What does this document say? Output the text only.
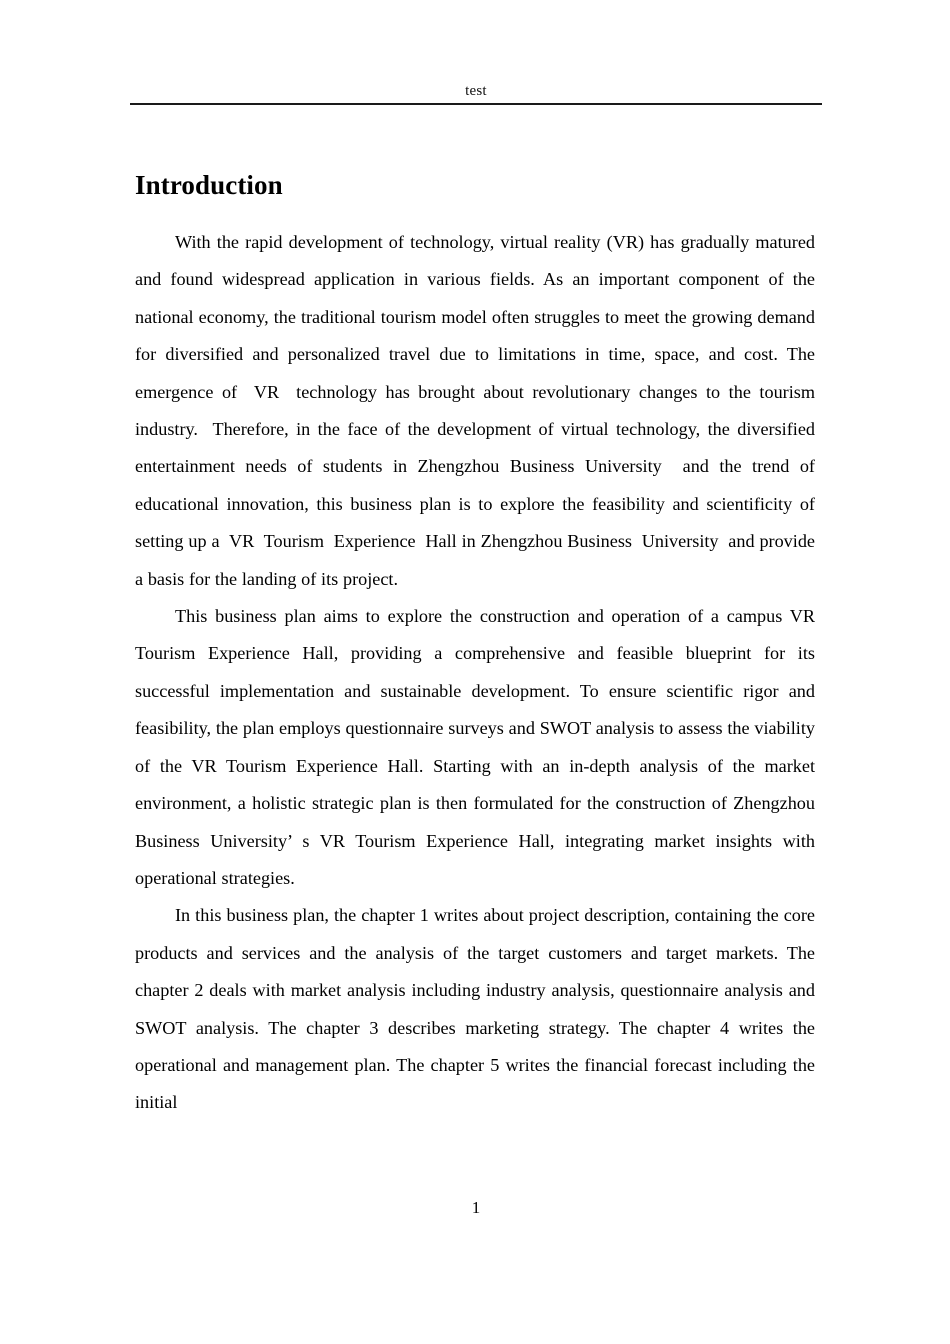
test
Introduction

With the rapid development of technology, virtual reality (VR) has gradually matured and found widespread application in various fields. As an important component of the national economy, the traditional tourism model often struggles to meet the growing demand for diversified and personalized travel due to limitations in time, space, and cost. The emergence of  VR  technology has brought about revolutionary changes to the tourism industry.  Therefore, in the face of the development of virtual technology, the diversified entertainment needs of students in Zhengzhou Business University  and the trend of educational innovation, this business plan is to explore the feasibility and scientificity of setting up a  VR  Tourism  Experience  Hall in Zhengzhou Business  University  and provide a basis for the landing of its project.

This business plan aims to explore the construction and operation of a campus VR Tourism Experience Hall, providing a comprehensive and feasible blueprint for its successful implementation and sustainable development. To ensure scientific rigor and feasibility, the plan employs questionnaire surveys and SWOT analysis to assess the viability of the VR Tourism Experience Hall. Starting with an in-depth analysis of the market environment, a holistic strategic plan is then formulated for the construction of Zhengzhou Business University’ s VR Tourism Experience Hall, integrating market insights with operational strategies.

In this business plan, the chapter 1 writes about project description, containing the core products and services and the analysis of the target customers and target markets. The chapter 2 deals with market analysis including industry analysis, questionnaire analysis and SWOT analysis. The chapter 3 describes marketing strategy. The chapter 4 writes the operational and management plan. The chapter 5 writes the financial forecast including the initial

1
